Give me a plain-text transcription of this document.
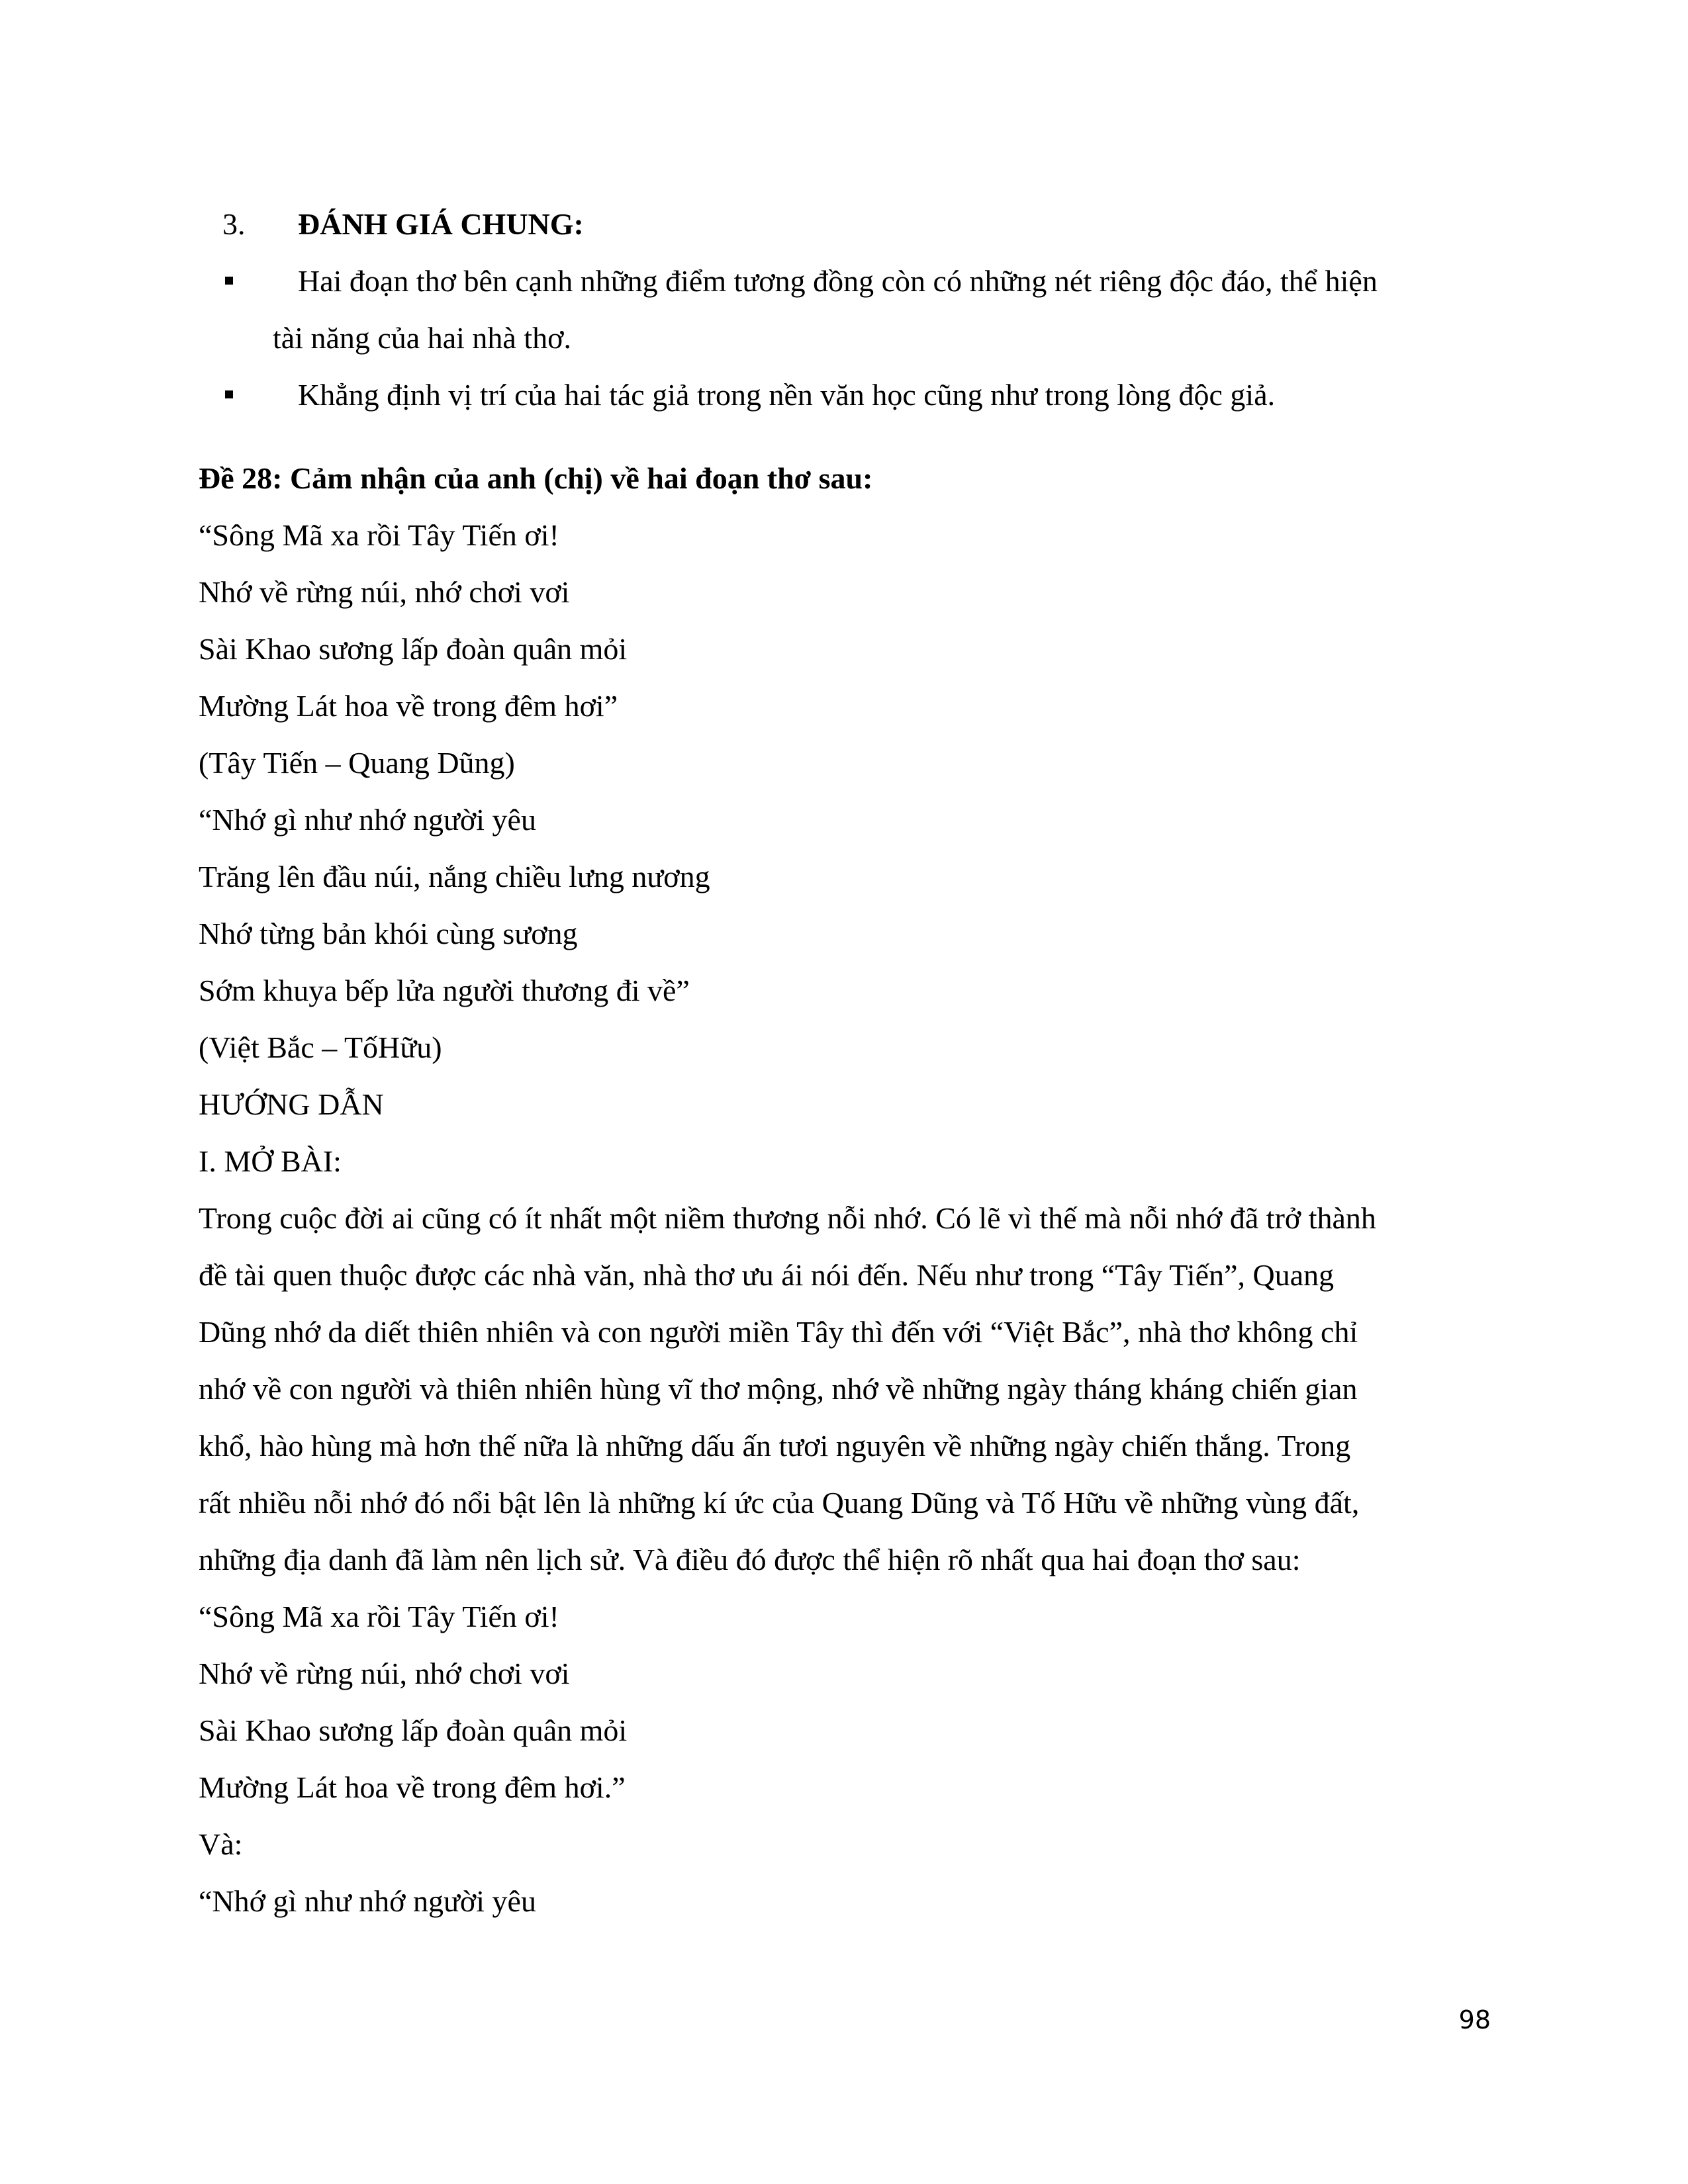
3. ĐÁNH GIÁ CHUNG:
Hai đoạn thơ bên cạnh những điểm tương đồng còn có những nét riêng độc đáo, thể hiện
tài năng của hai nhà thơ.
Khẳng định vị trí của hai tác giả trong nền văn học cũng như trong lòng độc giả.
Đề 28: Cảm nhận của anh (chị) về hai đoạn thơ sau:
“Sông Mã xa rồi Tây Tiến ơi!
Nhớ về rừng núi, nhớ chơi vơi
Sài Khao sương lấp đoàn quân mỏi
Mường Lát hoa về trong đêm hơi”
(Tây Tiến – Quang Dũng)
“Nhớ gì như nhớ người yêu
Trăng lên đầu núi, nắng chiều lưng nương
Nhớ từng bản khói cùng sương
Sớm khuya bếp lửa người thương đi về”
(Việt Bắc – TốHữu)
HƯỚNG DẪN
I. MỞ BÀI:
Trong cuộc đời ai cũng có ít nhất một niềm thương nỗi nhớ. Có lẽ vì thế mà nỗi nhớ đã trở thành
đề tài quen thuộc được các nhà văn, nhà thơ ưu ái nói đến. Nếu như trong “Tây Tiến”, Quang
Dũng nhớ da diết thiên nhiên và con người miền Tây thì đến với “Việt Bắc”, nhà thơ không chỉ
nhớ về con người và thiên nhiên hùng vĩ thơ mộng, nhớ về những ngày tháng kháng chiến gian
khổ, hào hùng mà hơn thế nữa là những dấu ấn tươi nguyên về những ngày chiến thắng. Trong
rất nhiều nỗi nhớ đó nổi bật lên là những kí ức của Quang Dũng và Tố Hữu về những vùng đất,
những địa danh đã làm nên lịch sử. Và điều đó được thể hiện rõ nhất qua hai đoạn thơ sau:
“Sông Mã xa rồi Tây Tiến ơi!
Nhớ về rừng núi, nhớ chơi vơi
Sài Khao sương lấp đoàn quân mỏi
Mường Lát hoa về trong đêm hơi.”
Và:
“Nhớ gì như nhớ người yêu
98
